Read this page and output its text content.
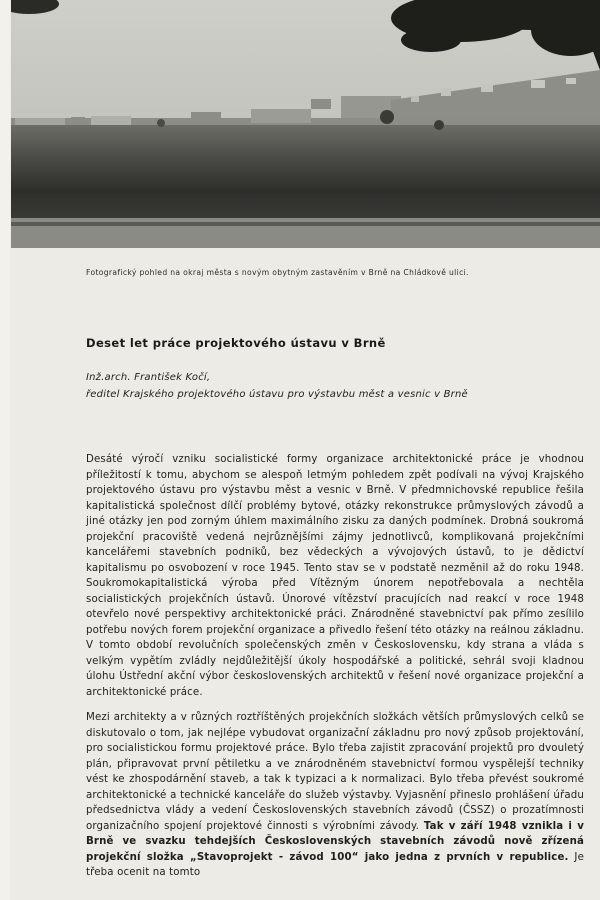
Fotografický pohled na okraj města s novým obytným zastavěním v Brně na Chládkově ulici.
Deset let práce projektového ústavu v Brně
Inž.arch. František Kočí,
ředitel Krajského projektového ústavu pro výstavbu měst a vesnic v Brně

Desáté výročí vzniku socialistické formy organizace architektonické práce je vhodnou příležitostí k tomu, abychom se alespoň letmým pohledem zpět podívali na vývoj Krajského projektového ústavu pro výstavbu měst a vesnic v Brně. V předmnichovské republice řešila kapitalistická společnost dílčí problémy bytové, otázky rekonstrukce průmyslových závodů a jiné otázky jen pod zorným úhlem maximálního zisku za daných podmínek. Drobná soukromá projekční pracoviště vedená nejrůznějšími zájmy jednotlivců, komplikovaná projekčními kancelářemi stavebních podniků, bez vědeckých a vývojových ústavů, to je dědictví kapitalismu po osvobození v roce 1945. Tento stav se v podstatě nezměnil až do roku 1948. Soukromokapitalistická výroba před Vítězným únorem nepotřebovala a nechtěla socialistických projekčních ústavů. Únorové vítězství pracujících nad reakcí v roce 1948 otevřelo nové perspektivy architektonické práci. Znárodněné stavebnictví pak přímo zesílilo potřebu nových forem projekční organizace a přivedlo řešení této otázky na reálnou základnu. V tomto období revolučních společenských změn v Československu, kdy strana a vláda s velkým vypětím zvládly nejdůležitější úkoly hospodářské a politické, sehrál svoji kladnou úlohu Ústřední akční výbor československých architektů v řešení nové organizace projekční a architektonické práce.

Mezi architekty a v různých roztříštěných projekčních složkách větších průmyslových celků se diskutovalo o tom, jak nejlépe vybudovat organizační základnu pro nový způsob projektování, pro socialistickou formu projektové práce. Bylo třeba zajistit zpracování projektů pro dvouletý plán, připravovat první pětiletku a ve znárodněném stavebnictví formou vyspělejší techniky vést ke zhospodárnění staveb, a tak k typizaci a k normalizaci. Bylo třeba převést soukromé architektonické a technické kanceláře do služeb výstavby. Vyjasnění přineslo prohlášení úřadu předsednictva vlády a vedení Československých stavebních závodů (ČSSZ) o prozatímnosti organizačního spojení projektové činnosti s výrobními závody. Tak v září 1948 vznikla i v Brně ve svazku tehdejších Československých stavebních závodů nově zřízená projekční složka „Stavoprojekt - závod 100“ jako jedna z prvních v republice. Je třeba ocenit na tomto
